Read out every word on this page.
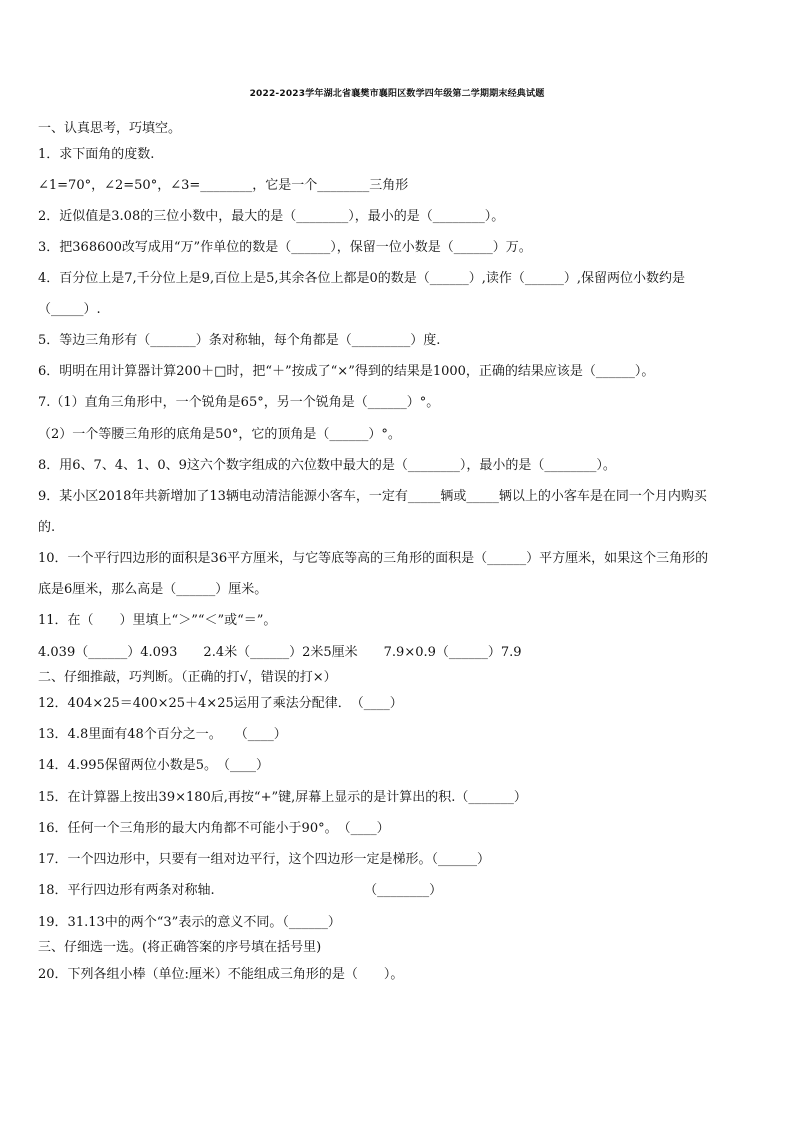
2022-2023学年湖北省襄樊市襄阳区数学四年级第二学期期末经典试题
一、认真思考，巧填空。
1．求下面角的度数.
∠1=70°，∠2=50°，∠3=________，它是一个________三角形
2．近似值是3.08的三位小数中，最大的是（________），最小的是（________）。
3．把368600改写成用“万”作单位的数是（______），保留一位小数是（______）万。
4．百分位上是7,千分位上是9,百位上是5,其余各位上都是0的数是（______）,读作（______）,保留两位小数约是
（_____）.
5．等边三角形有（_______）条对称轴，每个角都是（_________）度.
6．明明在用计算器计算200＋□时，把“＋”按成了“×”得到的结果是1000，正确的结果应该是（______）。
7.（1）直角三角形中，一个锐角是65°，另一个锐角是（______）°。
（2）一个等腰三角形的底角是50°，它的顶角是（______）°。
8．用6、7、4、1、0、9这六个数字组成的六位数中最大的是（________），最小的是（________）。
9．某小区2018年共新增加了13辆电动清洁能源小客车，一定有_____辆或_____辆以上的小客车是在同一个月内购买
的.
10．一个平行四边形的面积是36平方厘米，与它等底等高的三角形的面积是（______）平方厘米，如果这个三角形的
底是6厘米，那么高是（______）厘米。
11．在（　　）里填上“＞”“＜”或“＝”。
4.039（______）4.093　　2.4米（______）2米5厘米　　7.9×0.9（______）7.9
二、仔细推敲，巧判断。（正确的打√，错误的打×）
12．404×25＝400×25＋4×25运用了乘法分配律．　（____）
13．4.8里面有48个百分之一。　　（____）
14．4.995保留两位小数是5。　（____）
15．在计算器上按出39×180后,再按“+”键,屏幕上显示的是计算出的积.（_______）
16．任何一个三角形的最大内角都不可能小于90°。　（____）
17．一个四边形中，只要有一组对边平行，这个四边形一定是梯形。（______）
18．平行四边形有两条对称轴.　　　　　　　　　　　　（________）
19．31.13中的两个“3”表示的意义不同。（______）
三、仔细选一选。(将正确答案的序号填在括号里)
20．下列各组小棒（单位:厘米）不能组成三角形的是（　　）。
